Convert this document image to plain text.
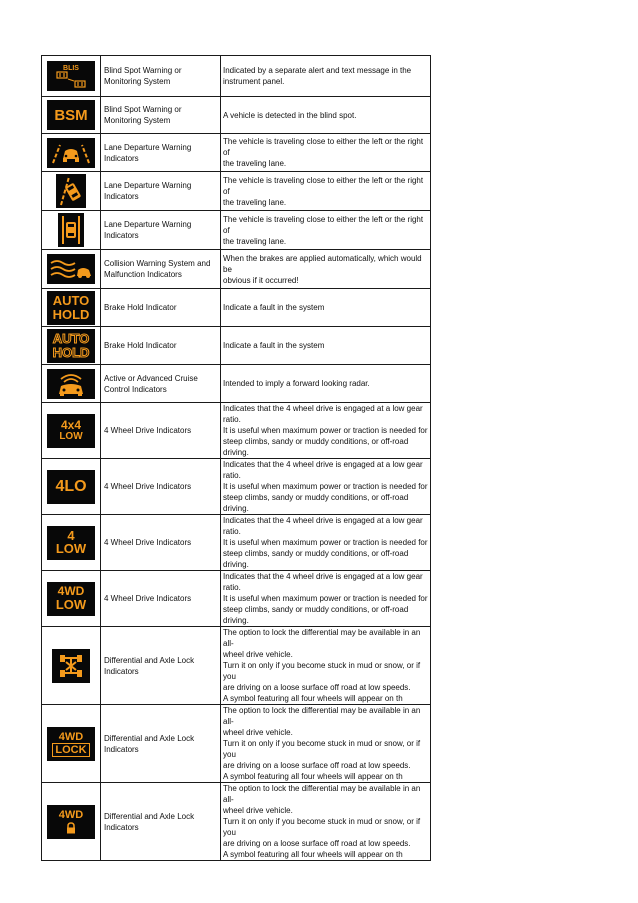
BLIS	Blind Spot Warning or
Monitoring System	Indicated by a separate alert and text message in the
instrument panel.

BSM	Blind Spot Warning or
Monitoring System	A vehicle is detected in the blind spot.

	Lane Departure Warning
Indicators	The vehicle is traveling close to either the left or the right of
the traveling lane.

	Lane Departure Warning
Indicators	The vehicle is traveling close to either the left or the right of
the traveling lane.

	Lane Departure Warning
Indicators	The vehicle is traveling close to either the left or the right of
the traveling lane.

	Collision Warning System and
Malfunction Indicators	When the brakes are applied automatically, which would be
obvious if it occurred!

AUTO
HOLD	Brake Hold Indicator	Indicate a fault in the system

AUTO
HOLD	Brake Hold Indicator	Indicate a fault in the system

	Active or Advanced Cruise
Control Indicators	Intended to imply a forward looking radar.

4x4
LOW	4 Wheel Drive Indicators	Indicates that the 4 wheel drive is engaged at a low gear ratio.
It is useful when maximum power or traction is needed for
steep climbs, sandy or muddy conditions, or off-road driving.

4LO	4 Wheel Drive Indicators	Indicates that the 4 wheel drive is engaged at a low gear ratio.
It is useful when maximum power or traction is needed for
steep climbs, sandy or muddy conditions, or off-road driving.

4
LOW	4 Wheel Drive Indicators	Indicates that the 4 wheel drive is engaged at a low gear ratio.
It is useful when maximum power or traction is needed for
steep climbs, sandy or muddy conditions, or off-road driving.

4WD
LOW	4 Wheel Drive Indicators	Indicates that the 4 wheel drive is engaged at a low gear ratio.
It is useful when maximum power or traction is needed for
steep climbs, sandy or muddy conditions, or off-road driving.

	Differential and Axle Lock
Indicators	The option to lock the differential may be available in an all-
wheel drive vehicle.
Turn it on only if you become stuck in mud or snow, or if you
are driving on a loose surface off road at low speeds.
A symbol featuring all four wheels will appear on th

4WD
LOCK	Differential and Axle Lock
Indicators	The option to lock the differential may be available in an all-
wheel drive vehicle.
Turn it on only if you become stuck in mud or snow, or if you
are driving on a loose surface off road at low speeds.
A symbol featuring all four wheels will appear on th

4WD	Differential and Axle Lock
Indicators	The option to lock the differential may be available in an all-
wheel drive vehicle.
Turn it on only if you become stuck in mud or snow, or if you
are driving on a loose surface off road at low speeds.
A symbol featuring all four wheels will appear on th
